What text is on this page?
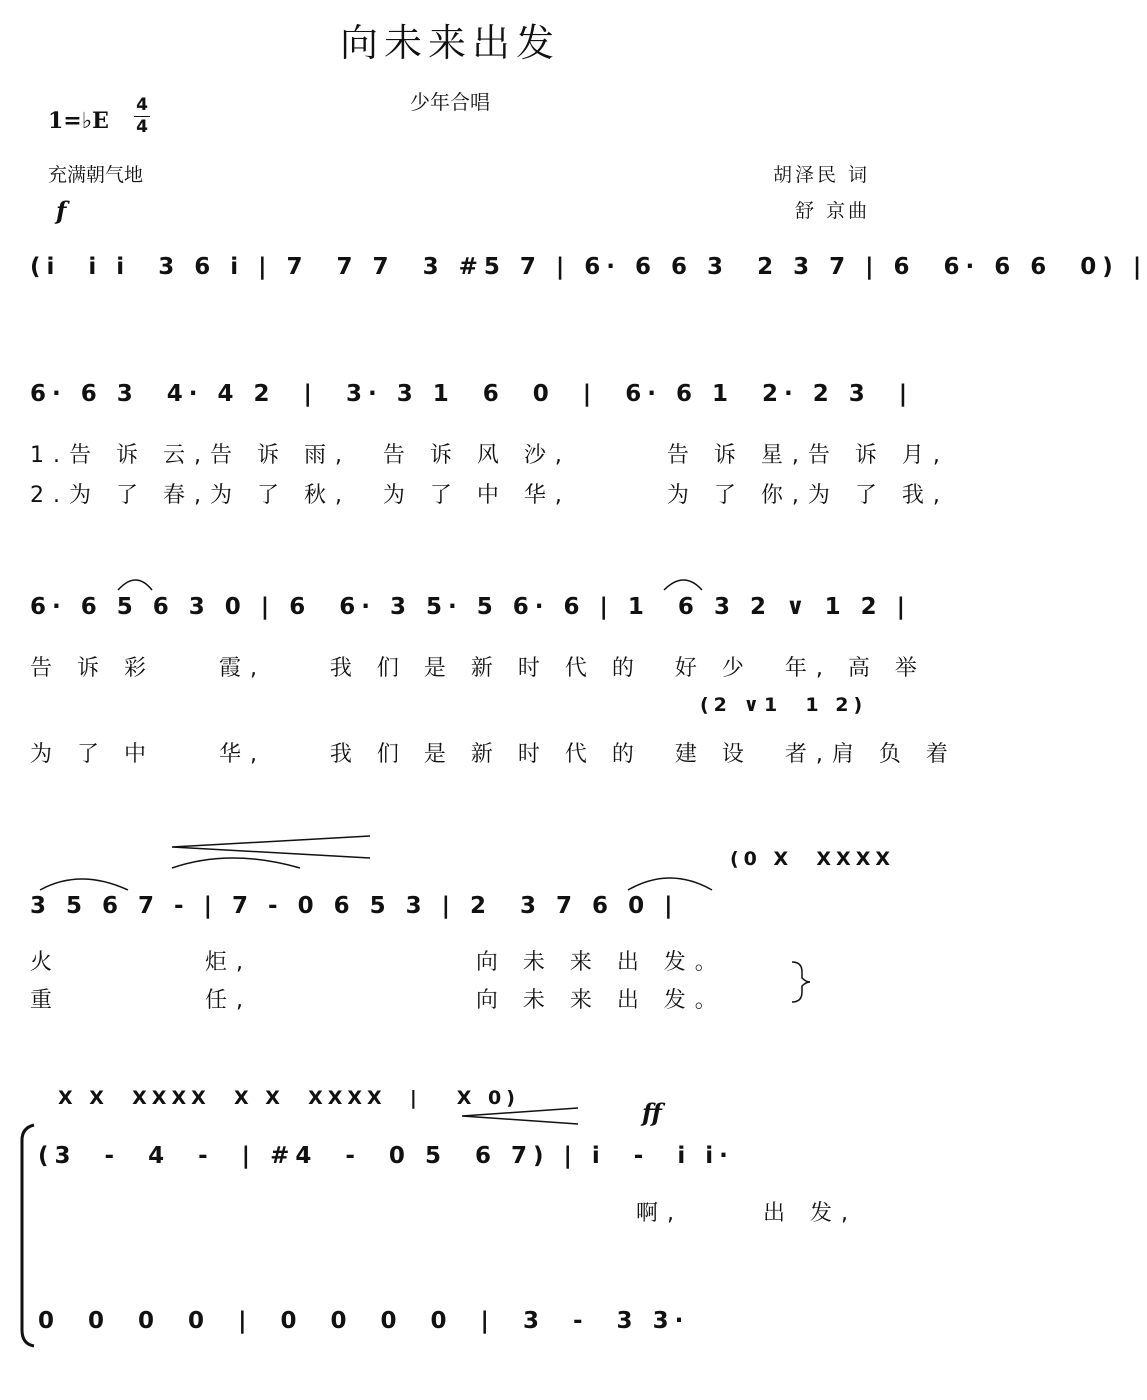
向未来出发
少年合唱
1=♭E
4
4
充满朝气地	胡泽民 词
舒 京曲
f
(i  i i  3 6 i | 7  7 7  3 #5 7 | 6· 6 6 3  2 3 7 | 6  6· 6 6  0) |
6· 6 3  4· 4 2  |  3· 3 1  6  0  |  6· 6 1  2· 2 3  |
1.告 诉 云,告 诉 雨,  告 诉 风 沙,      告 诉 星,告 诉 月,
2.为 了 春,为 了 秋,  为 了 中 华,      为 了 你,为 了 我,
6· 6 5 6 3 0 | 6  6· 3 5· 5 6· 6 | 1  6 3 2 ∨ 1 2 |
告 诉 彩    霞,    我 们 是 新 时 代 的  好 少  年, 高 举
(2 ∨1  1 2)
为 了 中    华,    我 们 是 新 时 代 的  建 设  者,肩 负 着
(0 X  XXXX
3 5 6 7 - | 7 - 0 6 5 3 | 2  3 7 6 0 |
火         炬,              向 未 来 出 发。
重         任,              向 未 来 出 发。
X X  XXXX  X X  XXXX  |   X 0)	ff
(3  -  4  -  | #4  -  0 5  6 7) | i  -  i i·
啊,     出 发,
0  0  0  0  |  0  0  0  0  |  3  -  3 3·
